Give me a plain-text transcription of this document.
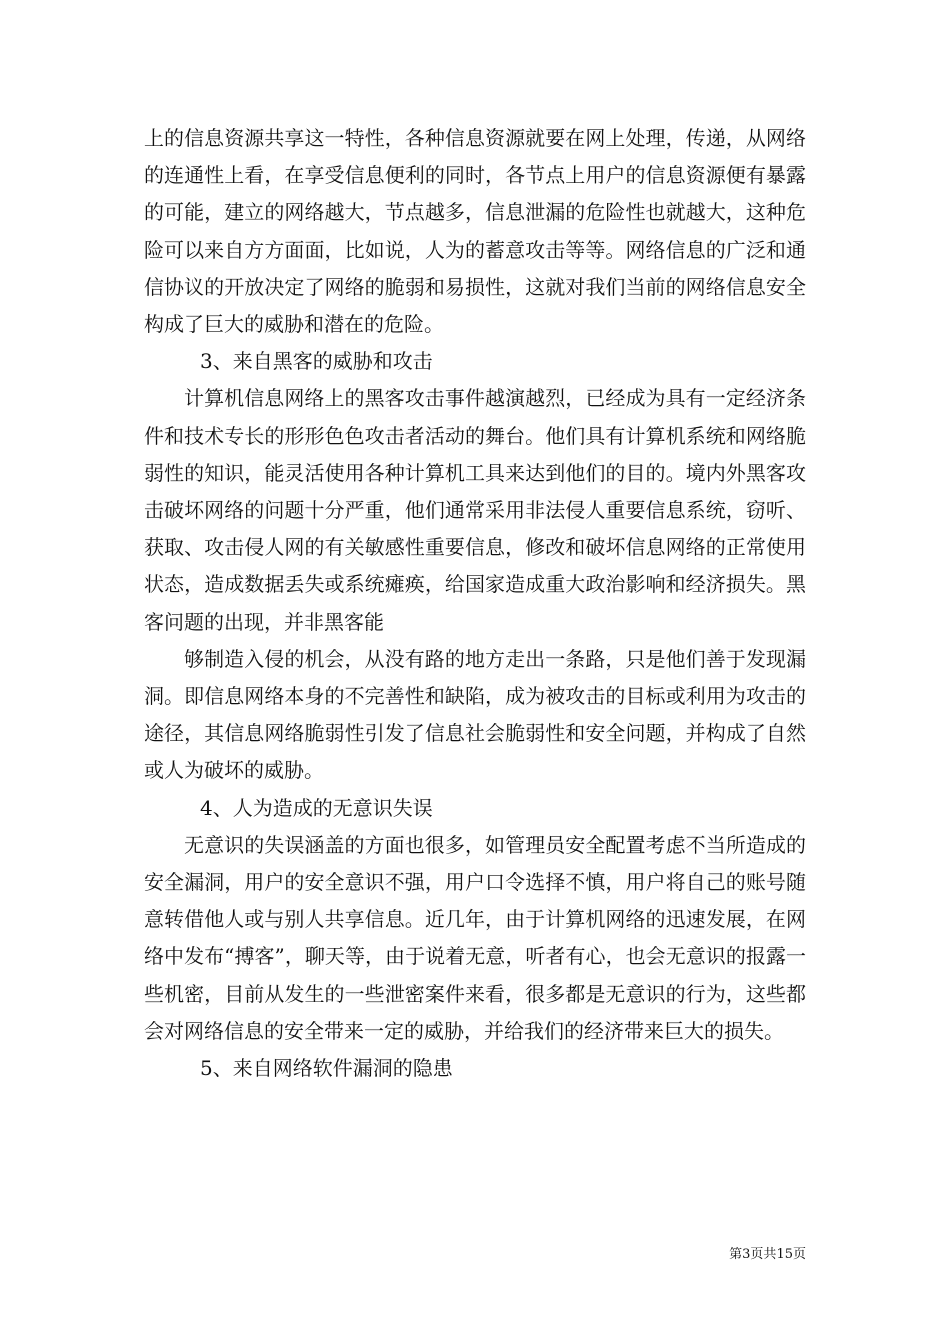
上的信息资源共享这一特性，各种信息资源就要在网上处理，传递，从网络的连通性上看，在享受信息便利的同时，各节点上用户的信息资源便有暴露的可能，建立的网络越大，节点越多，信息泄漏的危险性也就越大，这种危险可以来自方方面面，比如说，人为的蓄意攻击等等。网络信息的广泛和通信协议的开放决定了网络的脆弱和易损性，这就对我们当前的网络信息安全构成了巨大的威胁和潜在的危险。

3、来自黑客的威胁和攻击

计算机信息网络上的黑客攻击事件越演越烈，已经成为具有一定经济条件和技术专长的形形色色攻击者活动的舞台。他们具有计算机系统和网络脆弱性的知识，能灵活使用各种计算机工具来达到他们的目的。境内外黑客攻击破坏网络的问题十分严重，他们通常采用非法侵人重要信息系统，窃听、获取、攻击侵人网的有关敏感性重要信息，修改和破坏信息网络的正常使用状态，造成数据丢失或系统瘫痪，给国家造成重大政治影响和经济损失。黑客问题的出现，并非黑客能

够制造入侵的机会，从没有路的地方走出一条路，只是他们善于发现漏洞。即信息网络本身的不完善性和缺陷，成为被攻击的目标或利用为攻击的途径，其信息网络脆弱性引发了信息社会脆弱性和安全问题，并构成了自然或人为破坏的威胁。

4、人为造成的无意识失误

无意识的失误涵盖的方面也很多，如管理员安全配置考虑不当所造成的安全漏洞，用户的安全意识不强，用户口令选择不慎，用户将自己的账号随意转借他人或与别人共享信息。近几年，由于计算机网络的迅速发展，在网络中发布“搏客”，聊天等，由于说着无意，听者有心，也会无意识的报露一些机密，目前从发生的一些泄密案件来看，很多都是无意识的行为，这些都会对网络信息的安全带来一定的威胁，并给我们的经济带来巨大的损失。

5、来自网络软件漏洞的隐患

第3页共15页
